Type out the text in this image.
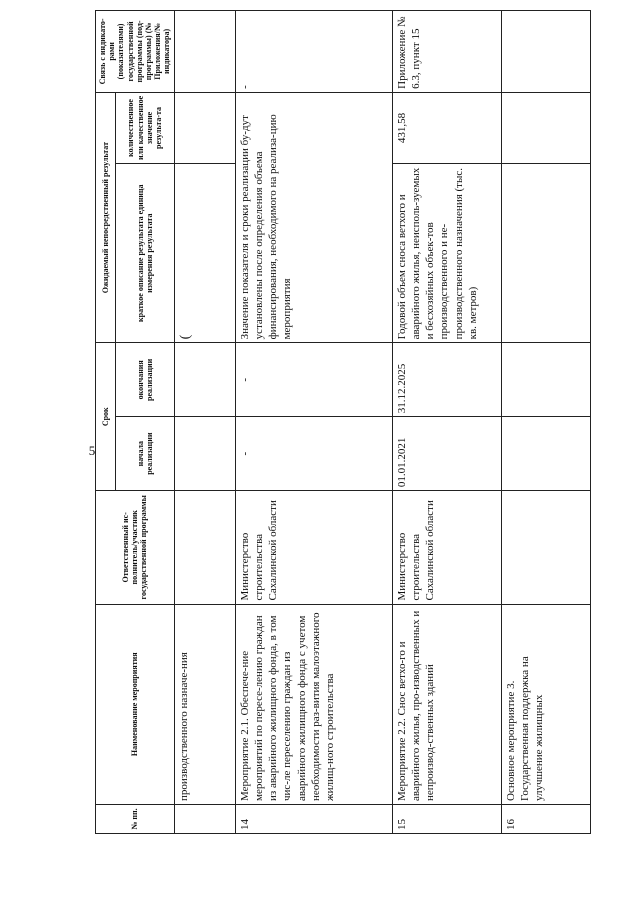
5
№ пп.	Наименование мероприятия	Ответственный ис-полнитель/участник государственной программы	Срок		Ожидаемый непосредственный результат		Связь с индикато-рами (показателями) государственной программы (под-программы) (№ Приложения/№ индикатора)
			начала реализации	окончания реализации	краткое описание результата единица измерения результата	количественное или качественное значение результа-та	
	производственного назначе-ния				(		
14	Мероприятие 2.1. Обеспече-ние мероприятий по пересе-лению граждан из аварийного жилищного фонда, в том чис-ле переселению граждан из аварийного жилищного фонда с учетом необходимости раз-вития малоэтажного жилищ-ного строительства	Министерство строительства Сахалинской области	-	-	Значение показателя и сроки реализации бу-дут установлены после определения объема финансирования, необходимого на реализа-цию мероприятия		-
15	Мероприятие 2.2. Снос ветхо-го и аварийного жилья, про-изводственных и непроизвод-ственных зданий	Министерство строительства Сахалинской области	01.01.2021	31.12.2025	Годовой объем сноса ветхого и аварийного жилья, неисполь-зуемых и бесхозяйных объек-тов производственного и не-производственного назначения (тыс. кв. метров)	431,58	Приложение № 6.3, пункт 15
16	Основное мероприятие 3. Государственная поддержка на улучшение жилищных						
